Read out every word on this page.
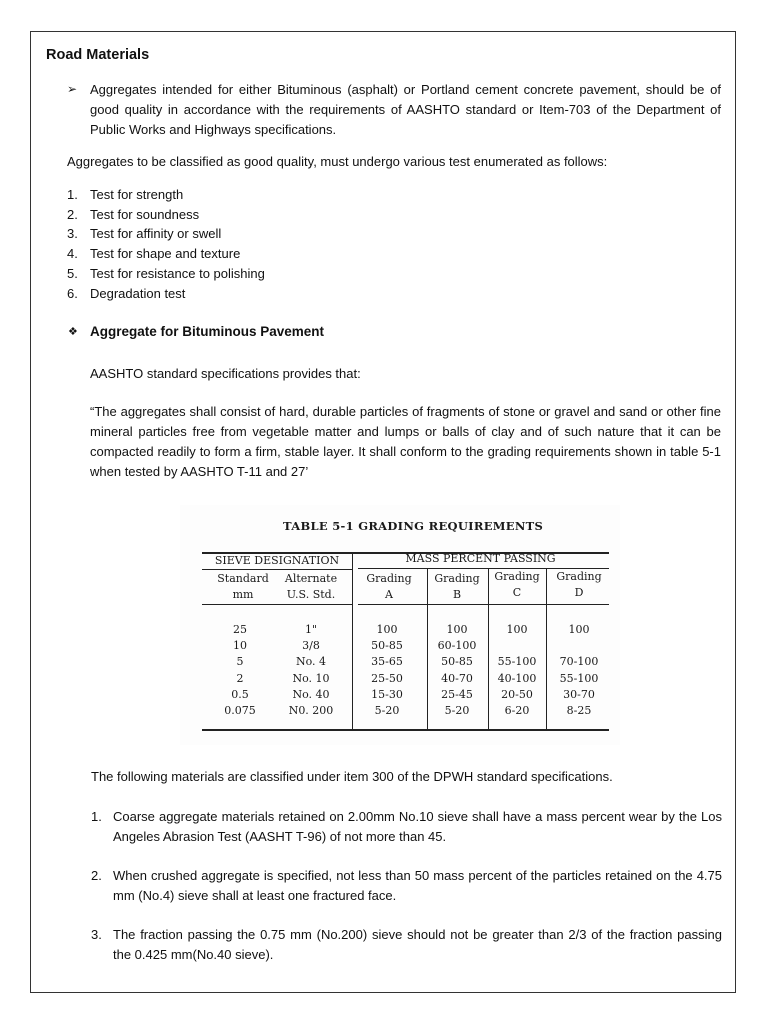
Road Materials
➢ Aggregates intended for either Bituminous (asphalt) or Portland cement concrete pavement, should be of good quality in accordance with the requirements of AASHTO standard or Item-703 of the Department of Public Works and Highways specifications.
Aggregates to be classified as good quality, must undergo various test enumerated as follows:
1. Test for strength
2. Test for soundness
3. Test for affinity or swell
4. Test for shape and texture
5. Test for resistance to polishing
6. Degradation test
❖ Aggregate for Bituminous Pavement
AASHTO standard specifications provides that:
“The aggregates shall consist of hard, durable particles of fragments of stone or gravel and sand or other fine mineral particles free from vegetable matter and lumps or balls of clay and of such nature that it can be compacted readily to form a firm, stable layer. It shall conform to the grading requirements shown in table 5-1 when tested by AASHTO T-11 and 27’
TABLE 5-1 GRADING REQUIREMENTS
SIEVE DESIGNATION	MASS PERCENT PASSING
Standard
mm
Alternate
U.S. Std.
Grading
A
Grading
B
Grading
C
Grading
D
25
10
5
2
0.5
0.075
1"
3/8
No. 4
No. 10
No. 40
N0. 200
100
50-85
35-65
25-50
15-30
5-20
100
60-100
50-85
40-70
25-45
5-20
100

55-100
40-100
20-50
6-20
100

70-100
55-100
30-70
8-25
The following materials are classified under item 300 of the DPWH standard specifications.
1. Coarse aggregate materials retained on 2.00mm No.10 sieve shall have a mass percent wear by the Los Angeles Abrasion Test (AASHT T-96) of not more than 45.
2. When crushed aggregate is specified, not less than 50 mass percent of the particles retained on the 4.75 mm (No.4) sieve shall at least one fractured face.
3. The fraction passing the 0.75 mm (No.200) sieve should not be greater than 2/3 of the fraction passing the 0.425 mm(No.40 sieve).
